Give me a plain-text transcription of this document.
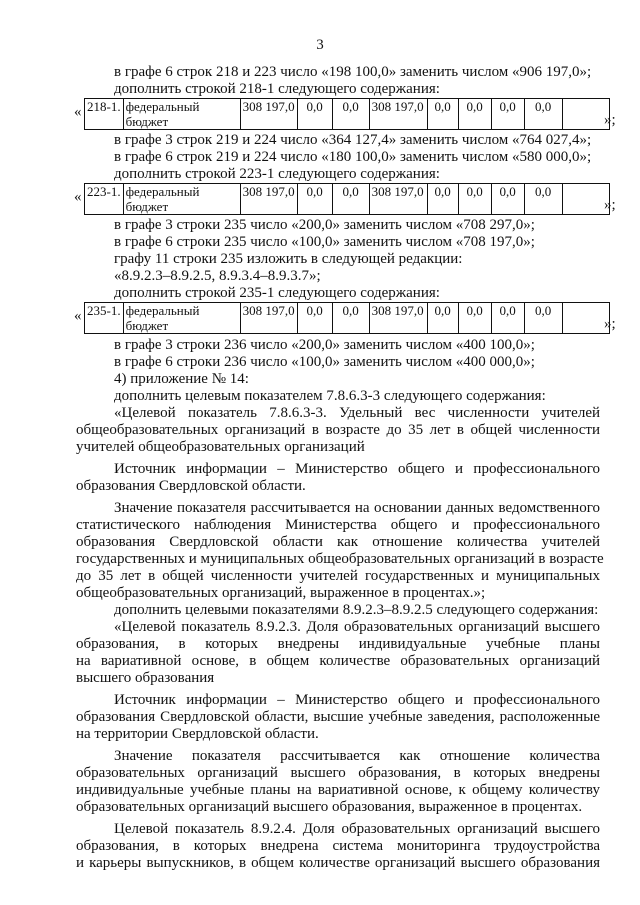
3
в графе 6 строк 218 и 223 число «198 100,0» заменить числом «906 197,0»;
дополнить строкой 218-1 следующего содержания:
« 218-1.	федеральный бюджет	308 197,0	0,0	0,0	308 197,0	0,0	0,0	0,0	0,0	
»;
в графе 3 строк 219 и 224 число «364 127,4» заменить числом «764 027,4»;
в графе 6 строк 219 и 224 число «180 100,0» заменить числом «580 000,0»;
дополнить строкой 223-1 следующего содержания:
« 223-1.	федеральный бюджет	308 197,0	0,0	0,0	308 197,0	0,0	0,0	0,0	0,0	
»;
в графе 3 строки 235 число «200,0» заменить числом «708 297,0»;
в графе 6 строки 235 число «100,0» заменить числом «708 197,0»;
графу 11 строки 235 изложить в следующей редакции:
«8.9.2.3–8.9.2.5, 8.9.3.4–8.9.3.7»;
дополнить строкой 235-1 следующего содержания:
« 235-1.	федеральный бюджет	308 197,0	0,0	0,0	308 197,0	0,0	0,0	0,0	0,0	
»;
в графе 3 строки 236 число «200,0» заменить числом «400 100,0»;
в графе 6 строки 236 число «100,0» заменить числом «400 000,0»;
4) приложение № 14:
дополнить целевым показателем 7.8.6.3-3 следующего содержания:
«Целевой показатель 7.8.6.3-3. Удельный вес численности учителей
общеобразовательных организаций в возрасте до 35 лет в общей численности
учителей общеобразовательных организаций
Источник информации – Министерство общего и профессионального
образования Свердловской области.
Значение показателя рассчитывается на основании данных ведомственного
статистического наблюдения Министерства общего и профессионального
образования Свердловской области как отношение количества учителей
государственных и муниципальных общеобразовательных организаций в возрасте
до 35 лет в общей численности учителей государственных и муниципальных
общеобразовательных организаций, выраженное в процентах.»;
дополнить целевыми показателями 8.9.2.3–8.9.2.5 следующего содержания:
«Целевой показатель 8.9.2.3. Доля образовательных организаций высшего
образования, в которых внедрены индивидуальные учебные планы
на вариативной основе, в общем количестве образовательных организаций
высшего образования
Источник информации – Министерство общего и профессионального
образования Свердловской области, высшие учебные заведения, расположенные
на территории Свердловской области.
Значение показателя рассчитывается как отношение количества
образовательных организаций высшего образования, в которых внедрены
индивидуальные учебные планы на вариативной основе, к общему количеству
образовательных организаций высшего образования, выраженное в процентах.
Целевой показатель 8.9.2.4. Доля образовательных организаций высшего
образования, в которых внедрена система мониторинга трудоустройства
и карьеры выпускников, в общем количестве организаций высшего образования
